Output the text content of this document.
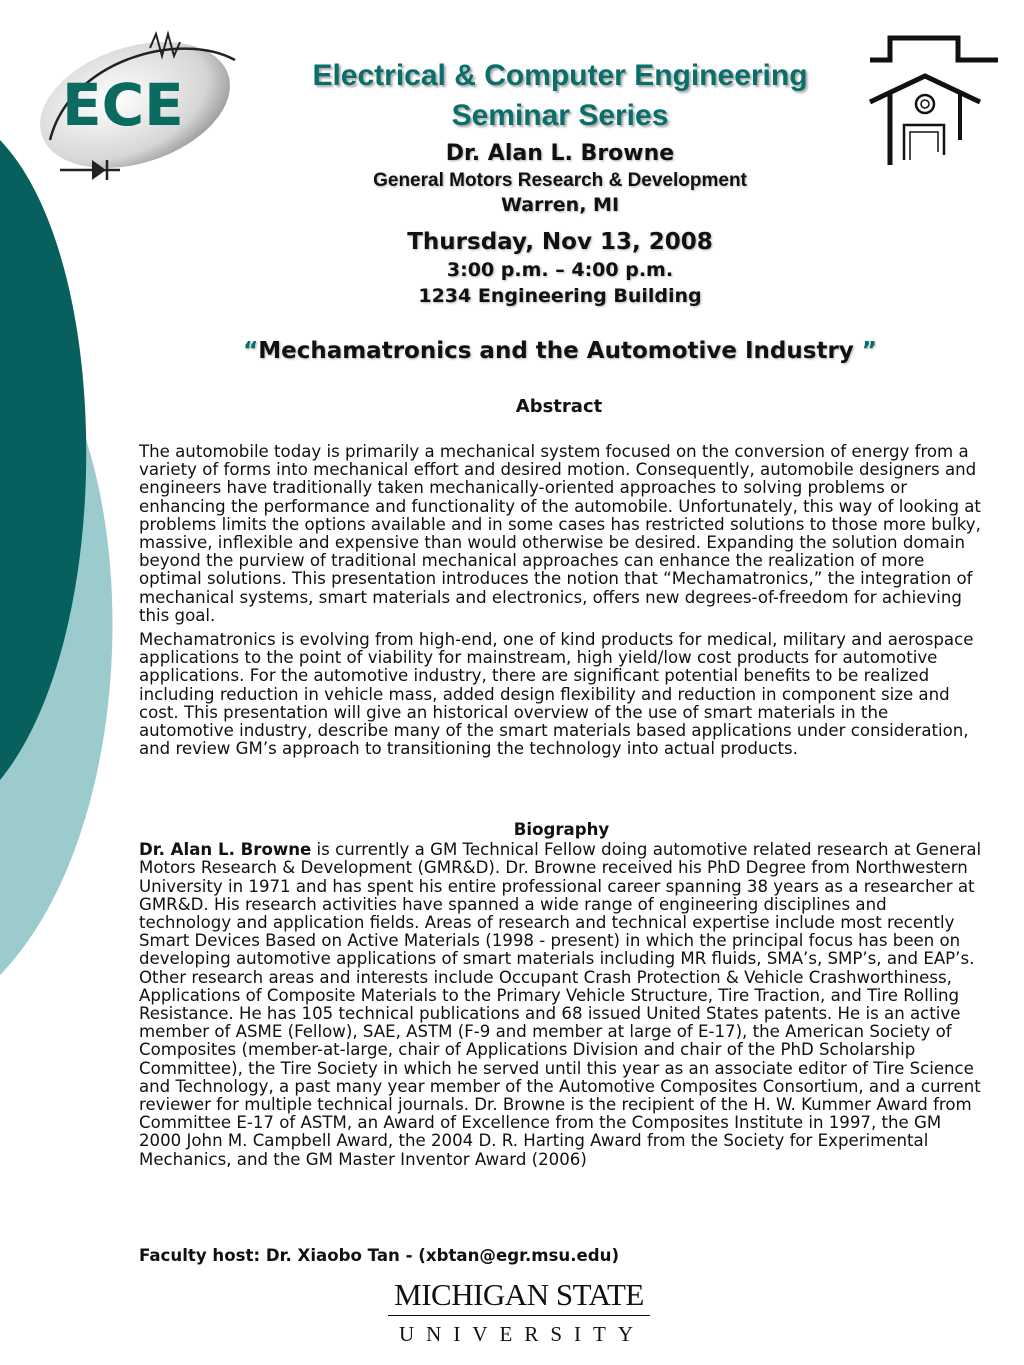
ECE	Electrical & Computer Engineering
Seminar Series
Dr. Alan L. Browne
General Motors Research & Development
Warren, MI
Thursday, Nov 13, 2008
3:00 p.m. – 4:00 p.m.
1234 Engineering Building
“Mechamatronics and the Automotive Industry ”
Abstract

The automobile today is primarily a mechanical system focused on the conversion of energy from a variety of forms into mechanical effort and desired motion. Consequently, automobile designers and engineers have traditionally taken mechanically-oriented approaches to solving problems or enhancing the performance and functionality of the automobile. Unfortunately, this way of looking at problems limits the options available and in some cases has restricted solutions to those more bulky, massive, inflexible and expensive than would otherwise be desired. Expanding the solution domain beyond the purview of traditional mechanical approaches can enhance the realization of more optimal solutions. This presentation introduces the notion that “Mechamatronics,” the integration of mechanical systems, smart materials and electronics, offers new degrees-of-freedom for achieving this goal.

Mechamatronics is evolving from high-end, one of kind products for medical, military and aerospace applications to the point of viability for mainstream, high yield/low cost products for automotive applications. For the automotive industry, there are significant potential benefits to be realized including reduction in vehicle mass, added design flexibility and reduction in component size and cost. This presentation will give an historical overview of the use of smart materials in the automotive industry, describe many of the smart materials based applications under consideration, and review GM’s approach to transitioning the technology into actual products.

Biography

Dr. Alan L. Browne is currently a GM Technical Fellow doing automotive related research at General Motors Research & Development (GMR&D). Dr. Browne received his PhD Degree from Northwestern University in 1971 and has spent his entire professional career spanning 38 years as a researcher at GMR&D. His research activities have spanned a wide range of engineering disciplines and technology and application fields. Areas of research and technical expertise include most recently Smart Devices Based on Active Materials (1998 - present) in which the principal focus has been on developing automotive applications of smart materials including MR fluids, SMA’s, SMP’s, and EAP’s. Other research areas and interests include Occupant Crash Protection & Vehicle Crashworthiness, Applications of Composite Materials to the Primary Vehicle Structure, Tire Traction, and Tire Rolling Resistance. He has 105 technical publications and 68 issued United States patents. He is an active member of ASME (Fellow), SAE, ASTM (F-9 and member at large of E-17), the American Society of Composites (member-at-large, chair of Applications Division and chair of the PhD Scholarship Committee), the Tire Society in which he served until this year as an associate editor of Tire Science and Technology, a past many year member of the Automotive Composites Consortium, and a current reviewer for multiple technical journals. Dr. Browne is the recipient of the H. W. Kummer Award from Committee E-17 of ASTM, an Award of Excellence from the Composites Institute in 1997, the GM 2000 John M. Campbell Award, the 2004 D. R. Harting Award from the Society for Experimental Mechanics, and the GM Master Inventor Award (2006)

Faculty host: Dr. Xiaobo Tan - (xbtan@egr.msu.edu)
MICHIGAN STATE
UNIVERSITY
